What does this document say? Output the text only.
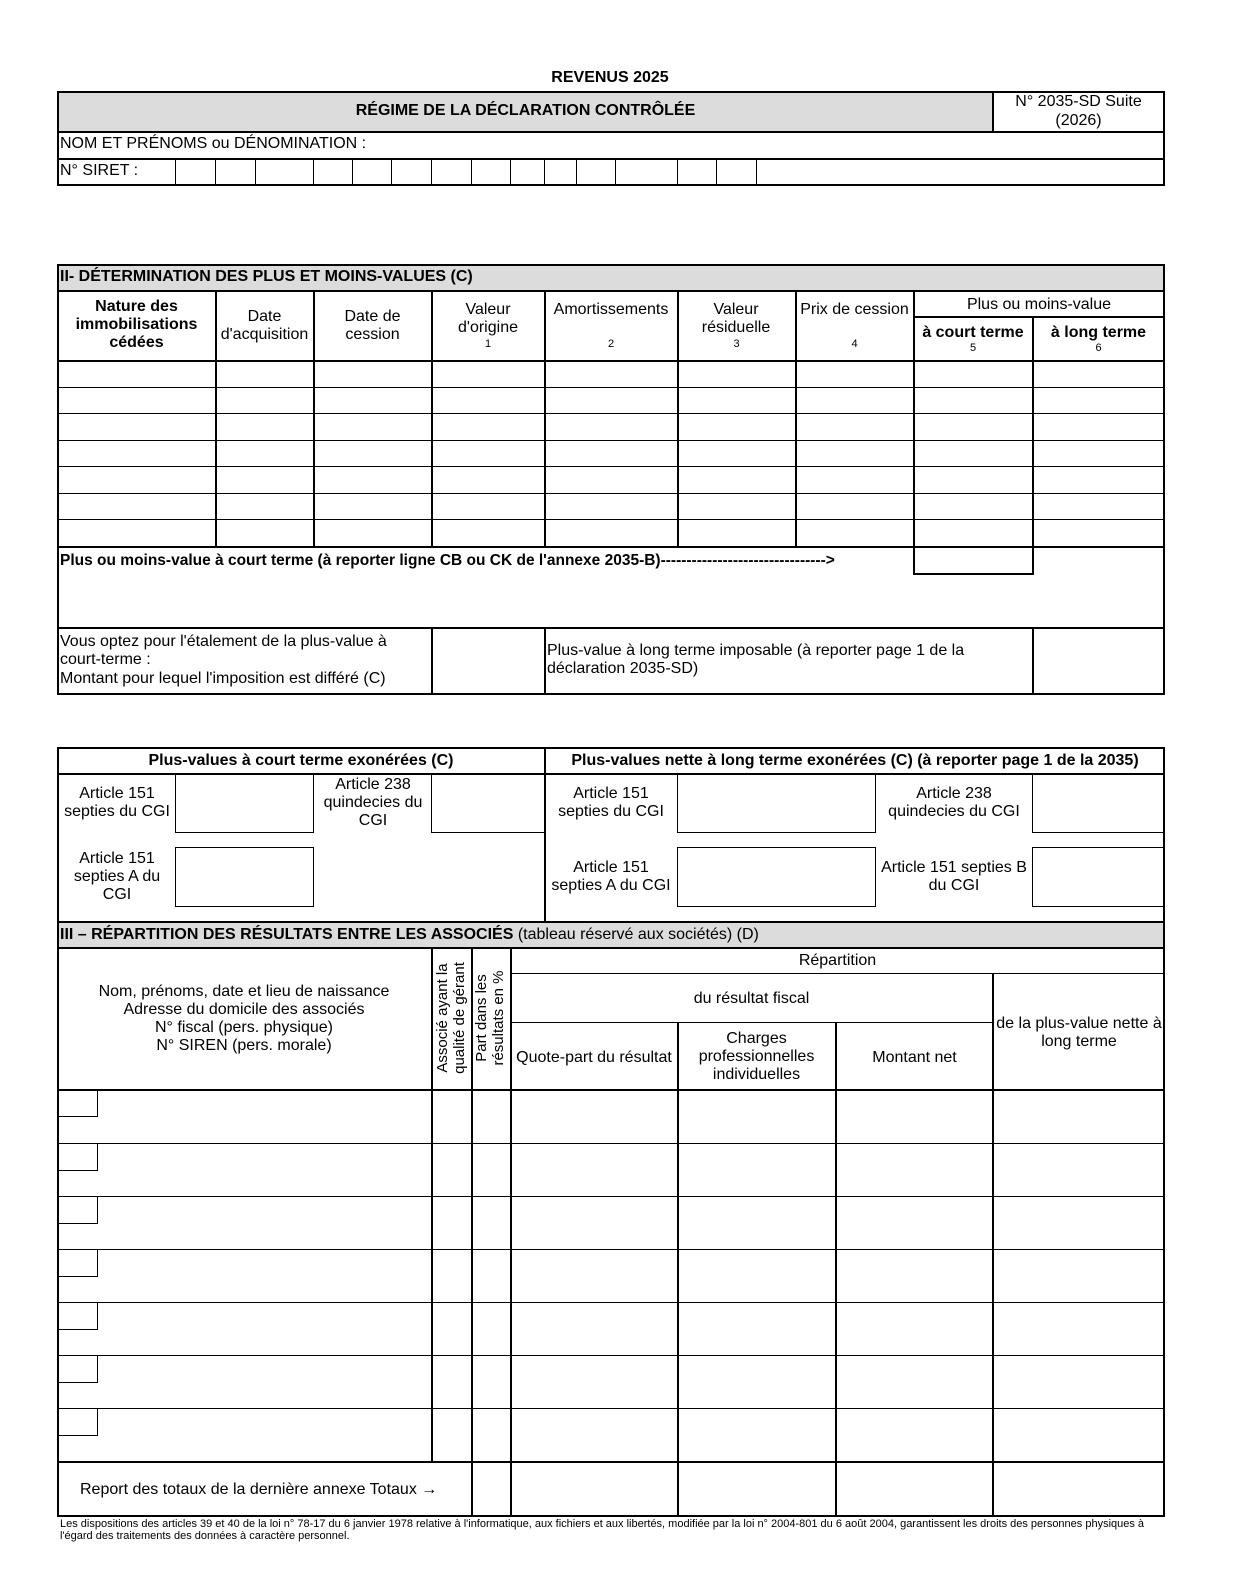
REVENUS 2025
RÉGIME DE LA DÉCLARATION CONTRÔLÉE
N° 2035-SD Suite
(2026)
NOM ET PRÉNOMS ou DÉNOMINATION :
N° SIRET :
II- DÉTERMINATION DES PLUS ET MOINS-VALUES (C)
Nature des immobilisations cédées
Date d'acquisition
Date de cession
Valeur d'origine
1
Amortissements
2
Valeur résiduelle
3
Prix de cession
4
Plus ou moins-value
à court terme
5
à long terme
6
Plus ou moins-value à court terme (à reporter ligne CB ou CK de l'annexe 2035-B)-------------------------------->
Vous optez pour l'étalement de la plus-value à court-terme :
Montant pour lequel l'imposition est différé (C)
Plus-value à long terme imposable (à reporter page 1 de la déclaration 2035-SD)
Plus-values à court terme exonérées (C)	Plus-values nette à long terme exonérées (C) (à reporter page 1 de la 2035)
Article 151 septies du CGI
Article 238 quindecies du CGI
Article 151 septies A du CGI
Article 151 septies du CGI
Article 238 quindecies du CGI
Article 151 septies A du CGI
Article 151 septies B du CGI
III – RÉPARTITION DES RÉSULTATS ENTRE LES ASSOCIÉS (tableau réservé aux sociétés) (D)
Nom, prénoms, date et lieu de naissance
Adresse du domicile des associés
N° fiscal (pers. physique)
N° SIREN (pers. morale)	Associé ayant la qualité de gérant Part dans les résultats en %
Répartition
du résultat fiscal
Quote-part du résultat
Charges professionnelles individuelles
Montant net
de la plus-value nette à long terme
Report des totaux de la dernière annexe Totaux →
Les dispositions des articles 39 et 40 de la loi n° 78-17 du 6 janvier 1978 relative à l'informatique, aux fichiers et aux libertés, modifiée par la loi n° 2004-801 du 6 août 2004, garantissent les droits des personnes physiques à l'égard des traitements des données à caractère personnel.
